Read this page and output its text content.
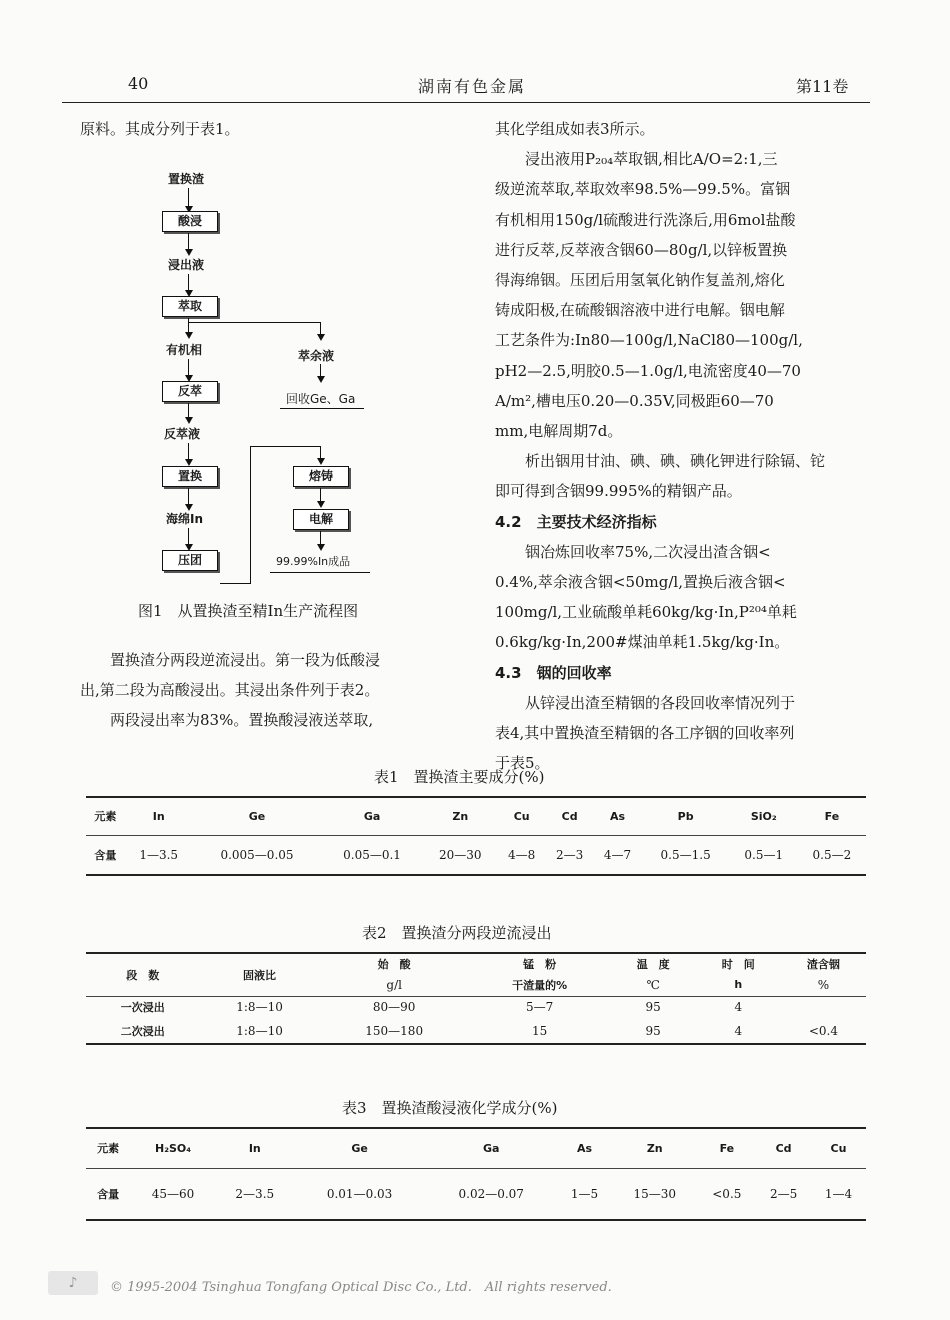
40	湖南有色金属	第11卷
原料。其成分列于表1。
置换渣
酸浸
浸出液
萃取
有机相	萃余液
回收Ge、Ga
反萃
反萃液
置换
海绵In
压团
熔铸
电解
99.99%In成品
图1　从置换渣至精In生产流程图
　　置换渣分两段逆流浸出。第一段为低酸浸
出,第二段为高酸浸出。其浸出条件列于表2。
　　两段浸出率为83%。置换酸浸液送萃取,
其化学组成如表3所示。
　　浸出液用P₂₀₄萃取铟,相比A/O=2:1,三
级逆流萃取,萃取效率98.5%—99.5%。富铟
有机相用150g/l硫酸进行洗涤后,用6mol盐酸
进行反萃,反萃液含铟60—80g/l,以锌板置换
得海绵铟。压团后用氢氧化钠作复盖剂,熔化
铸成阳极,在硫酸铟溶液中进行电解。铟电解
工艺条件为:In80—100g/l,NaCl80—100g/l,
pH2—2.5,明胶0.5—1.0g/l,电流密度40—70
A/m²,槽电压0.20—0.35V,同极距60—70
mm,电解周期7d。
　　析出铟用甘油、碘、碘、碘化钾进行除镉、铊
即可得到含铟99.995%的精铟产品。
4.2　主要技术经济指标
　　铟冶炼回收率75%,二次浸出渣含铟<
0.4%,萃余液含铟<50mg/l,置换后液含铟<
100mg/l,工业硫酸单耗60kg/kg·In,P²⁰⁴单耗
0.6kg/kg·In,200#煤油单耗1.5kg/kg·In。
4.3　铟的回收率
　　从锌浸出渣至精铟的各段回收率情况列于
表4,其中置换渣至精铟的各工序铟的回收率列
于表5。
表1　置换渣主要成分(%)
元素	In	Ge	Ga	Zn	Cu	Cd	As	Pb	SiO₂	Fe
含量	1—3.5	0.005—0.05	0.05—0.1	20—30	4—8	2—3	4—7	0.5—1.5	0.5—1	0.5—2
表2　置换渣分两段逆流浸出
段　数	固液比	始　酸	锰　粉	温　度	时　间	渣含铟
		g/l	干渣量的%	℃	h	%
一次浸出	1:8—10	80—90	5—7	95	4	
二次浸出	1:8—10	150—180	15	95	4	<0.4
表3　置换渣酸浸液化学成分(%)
元素	H₂SO₄	In	Ge	Ga	As	Zn	Fe	Cd	Cu
含量	45—60	2—3.5	0.01—0.03	0.02—0.07	1—5	15—30	<0.5	2—5	1—4
♪	© 1995-2004 Tsinghua Tongfang Optical Disc Co., Ltd.　All rights reserved.
